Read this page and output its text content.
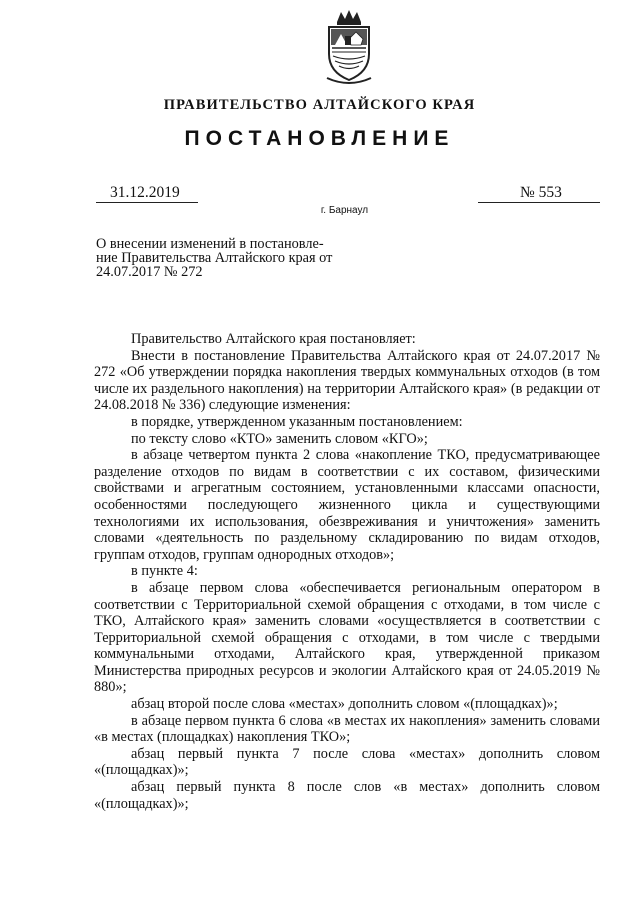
ПРАВИТЕЛЬСТВО АЛТАЙСКОГО КРАЯ
ПОСТАНОВЛЕНИЕ
31.12.2019	№ 553
г. Барнаул
О внесении изменений в постановле-
ние Правительства Алтайского края от
24.07.2017 № 272

Правительство Алтайского края постановляет:

Внести в постановление Правительства Алтайского края от 24.07.2017 № 272 «Об утверждении порядка накопления твердых коммунальных отходов (в том числе их раздельного накопления) на территории Алтайского края» (в редакции от 24.08.2018 № 336) следующие изменения:

в порядке, утвержденном указанным постановлением:

по тексту слово «КТО» заменить словом «КГО»;

в абзаце четвертом пункта 2 слова «накопление ТКО, предусматривающее разделение отходов по видам в соответствии с их составом, физическими свойствами и агрегатным состоянием, установленными классами опасности, особенностями последующего жизненного цикла и существующими технологиями их использования, обезвреживания и уничтожения» заменить словами «деятельность по раздельному складированию по видам отходов, группам отходов, группам однородных отходов»;

в пункте 4:

в абзаце первом слова «обеспечивается региональным оператором в соответствии с Территориальной схемой обращения с отходами, в том числе с ТКО, Алтайского края» заменить словами «осуществляется в соответствии с Территориальной схемой обращения с отходами, в том числе с твердыми коммунальными отходами, Алтайского края, утвержденной приказом Министерства природных ресурсов и экологии Алтайского края от 24.05.2019 № 880»;

абзац второй после слова «местах» дополнить словом «(площадках)»;

в абзаце первом пункта 6 слова «в местах их накопления» заменить словами «в местах (площадках) накопления ТКО»;

абзац первый пункта 7 после слова «местах» дополнить словом «(площадках)»;

абзац первый пункта 8 после слов «в местах» дополнить словом «(площадках)»;
